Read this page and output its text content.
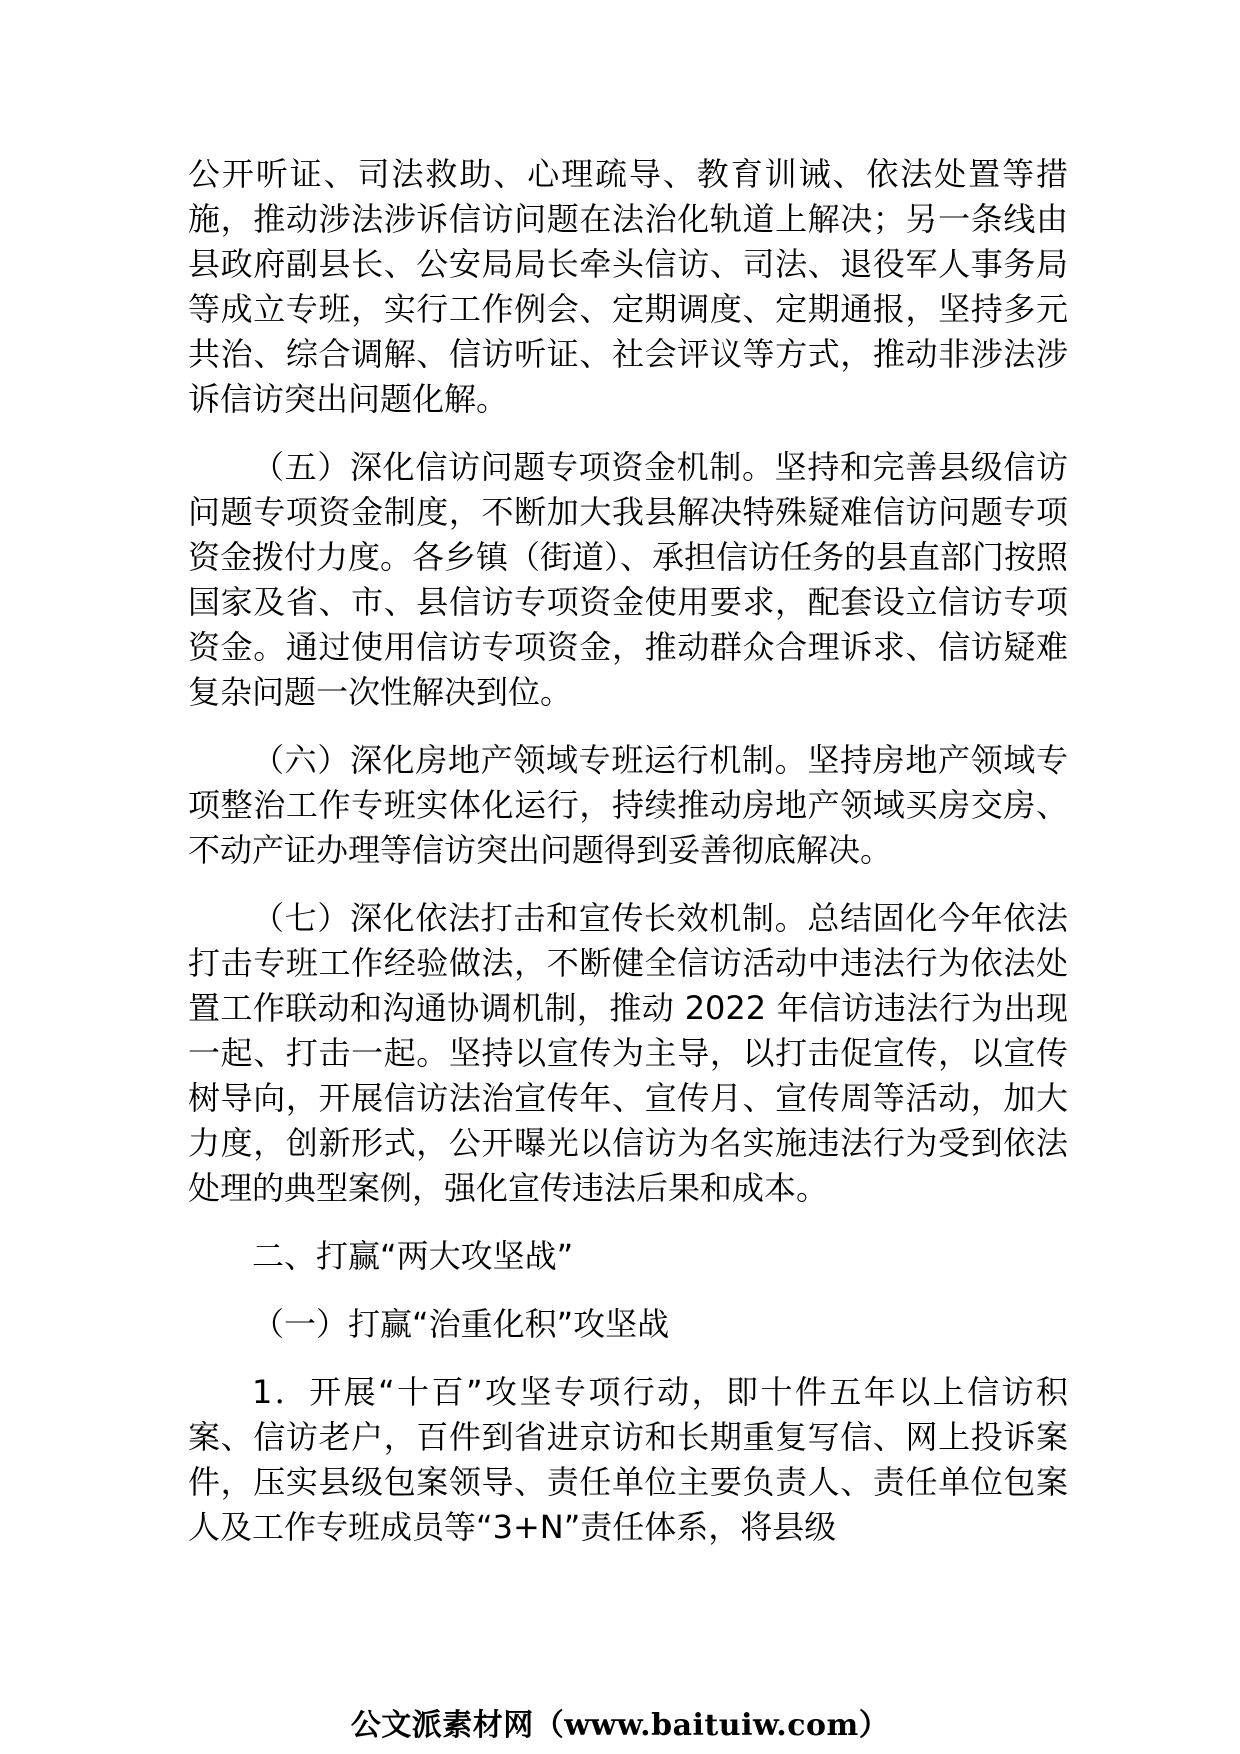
公开听证、司法救助、心理疏导、教育训诫、依法处置等措施，推动涉法涉诉信访问题在法治化轨道上解决；另一条线由县政府副县长、公安局局长牵头信访、司法、退役军人事务局等成立专班，实行工作例会、定期调度、定期通报，坚持多元共治、综合调解、信访听证、社会评议等方式，推动非涉法涉诉信访突出问题化解。

（五）深化信访问题专项资金机制。坚持和完善县级信访问题专项资金制度，不断加大我县解决特殊疑难信访问题专项资金拨付力度。各乡镇（街道）、承担信访任务的县直部门按照国家及省、市、县信访专项资金使用要求，配套设立信访专项资金。通过使用信访专项资金，推动群众合理诉求、信访疑难复杂问题一次性解决到位。

（六）深化房地产领域专班运行机制。坚持房地产领域专项整治工作专班实体化运行，持续推动房地产领域买房交房、不动产证办理等信访突出问题得到妥善彻底解决。

（七）深化依法打击和宣传长效机制。总结固化今年依法打击专班工作经验做法，不断健全信访活动中违法行为依法处置工作联动和沟通协调机制，推动 2022 年信访违法行为出现一起、打击一起。坚持以宣传为主导，以打击促宣传，以宣传树导向，开展信访法治宣传年、宣传月、宣传周等活动，加大力度，创新形式，公开曝光以信访为名实施违法行为受到依法处理的典型案例，强化宣传违法后果和成本。

二、打赢“两大攻坚战”

（一）打赢“治重化积”攻坚战

1．开展“十百”攻坚专项行动，即十件五年以上信访积案、信访老户，百件到省进京访和长期重复写信、网上投诉案件，压实县级包案领导、责任单位主要负责人、责任单位包案人及工作专班成员等“3+N”责任体系，将县级

公文派素材网（www.baituiw.com）
